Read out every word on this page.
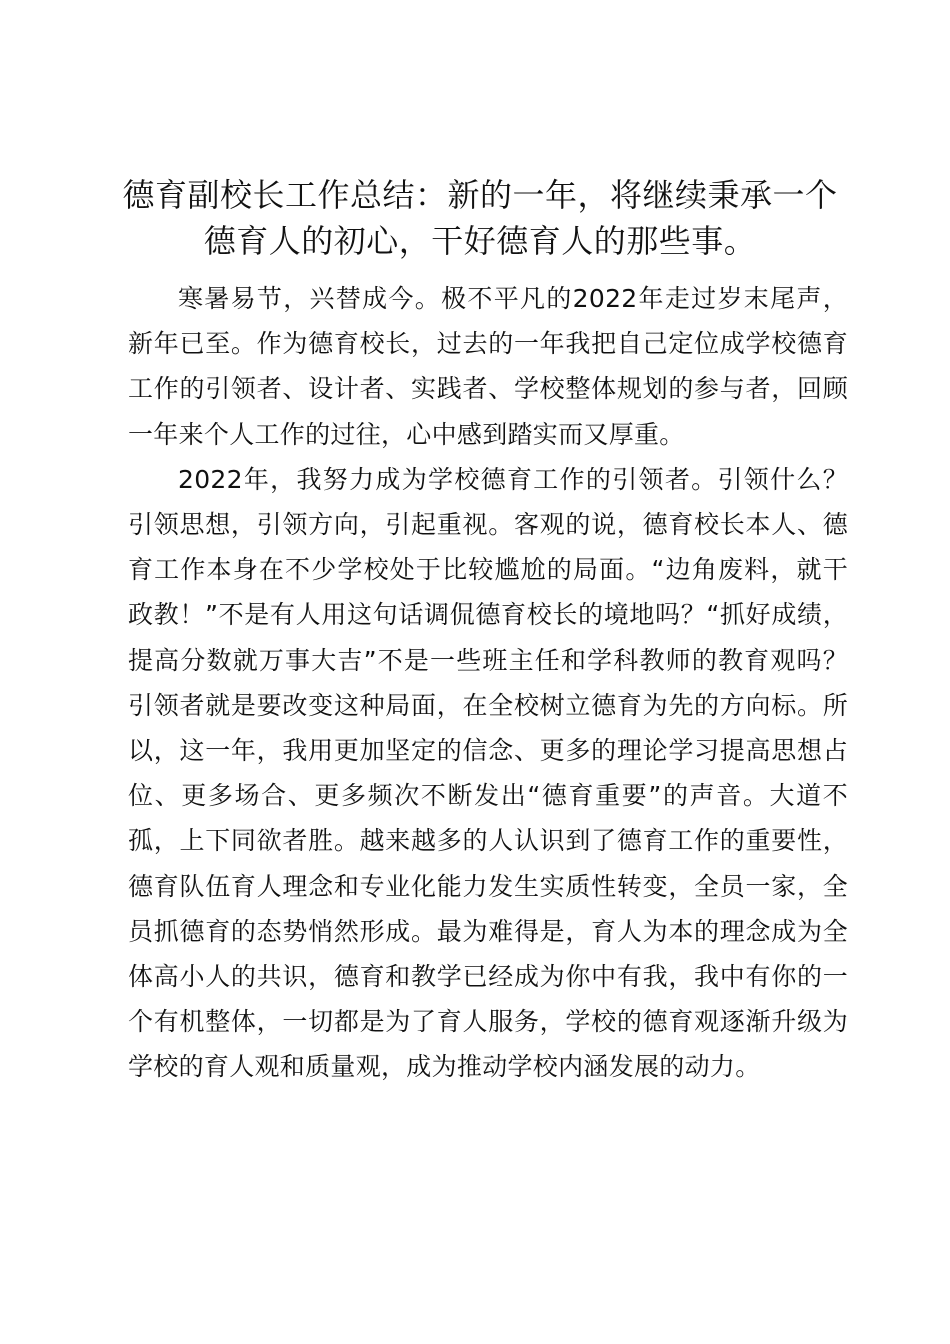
德育副校长工作总结：新的一年，将继续秉承一个德育人的初心，干好德育人的那些事。

寒暑易节，兴替成今。极不平凡的2022年走过岁末尾声，新年已至。作为德育校长，过去的一年我把自己定位成学校德育工作的引领者、设计者、实践者、学校整体规划的参与者，回顾一年来个人工作的过往，心中感到踏实而又厚重。

2022年，我努力成为学校德育工作的引领者。引领什么？引领思想，引领方向，引起重视。客观的说，德育校长本人、德育工作本身在不少学校处于比较尴尬的局面。“边角废料，就干政教！”不是有人用这句话调侃德育校长的境地吗？“抓好成绩，提高分数就万事大吉”不是一些班主任和学科教师的教育观吗？引领者就是要改变这种局面，在全校树立德育为先的方向标。所以，这一年，我用更加坚定的信念、更多的理论学习提高思想占位、更多场合、更多频次不断发出“德育重要”的声音。大道不孤，上下同欲者胜。越来越多的人认识到了德育工作的重要性，德育队伍育人理念和专业化能力发生实质性转变，全员一家，全员抓德育的态势悄然形成。最为难得是，育人为本的理念成为全体高小人的共识，德育和教学已经成为你中有我，我中有你的一个有机整体，一切都是为了育人服务，学校的德育观逐渐升级为学校的育人观和质量观，成为推动学校内涵发展的动力。
